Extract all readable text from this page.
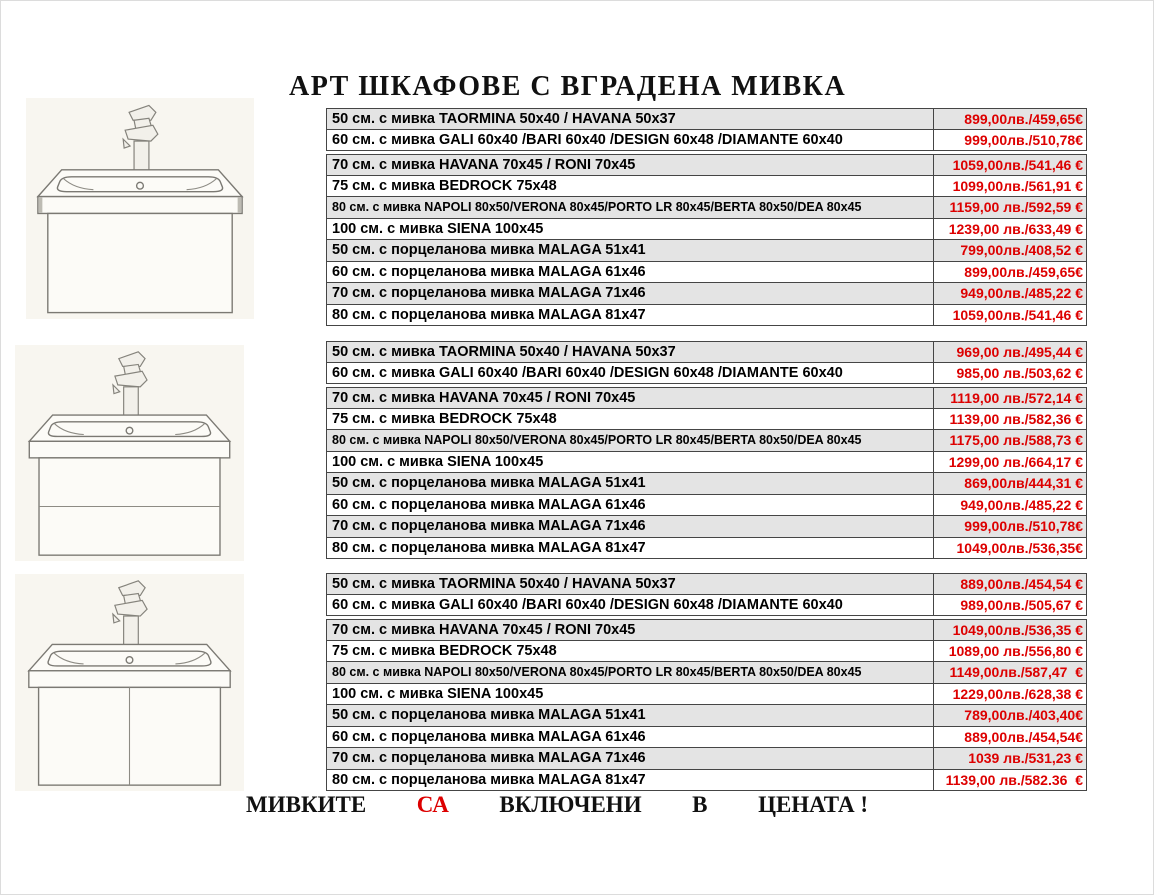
АРТ ШКАФОВЕ С ВГРАДЕНА МИВКА
50 см. с мивка TAORMINA 50x40 / HAVANA 50x37	899,00лв./459,65€
60 см. с мивка GALI 60x40 /BARI 60x40 /DESIGN 60x48 /DIAMANTE 60x40	999,00лв./510,78€
70 см. с мивка HAVANA 70x45 / RONI 70x45	1059,00лв./541,46 €
75 см. с мивка BEDROCK 75x48	1099,00лв./561,91 €
80 см. с мивка NAPOLI 80x50/VERONA 80x45/PORTO LR 80x45/BERTA 80x50/DEA 80x45	1159,00 лв./592,59 €
100 см. с мивка SIENA 100x45	1239,00 лв./633,49 €
50 см. с порцеланова мивка MALAGA 51x41	799,00лв./408,52 €
60 см. с порцеланова мивка MALAGA 61x46	899,00лв./459,65€
70 см. с порцеланова мивка MALAGA 71x46	949,00лв./485,22 €
80 см. с порцеланова мивка MALAGA 81x47	1059,00лв./541,46 €
50 см. с мивка TAORMINA 50x40 / HAVANA 50x37	969,00 лв./495,44 €
60 см. с мивка GALI 60x40 /BARI 60x40 /DESIGN 60x48 /DIAMANTE 60x40	985,00 лв./503,62 €
70 см. с мивка HAVANA 70x45 / RONI 70x45	1119,00 лв./572,14 €
75 см. с мивка BEDROCK 75x48	1139,00 лв./582,36 €
80 см. с мивка NAPOLI 80x50/VERONA 80x45/PORTO LR 80x45/BERTA 80x50/DEA 80x45	1175,00 лв./588,73 €
100 см. с мивка SIENA 100x45	1299,00 лв./664,17 €
50 см. с порцеланова мивка MALAGA 51x41	869,00лв/444,31 €
60 см. с порцеланова мивка MALAGA 61x46	949,00лв./485,22 €
70 см. с порцеланова мивка MALAGA 71x46	999,00лв./510,78€
80 см. с порцеланова мивка MALAGA 81x47	1049,00лв./536,35€
50 см. с мивка TAORMINA 50x40 / HAVANA 50x37	889,00лв./454,54 €
60 см. с мивка GALI 60x40 /BARI 60x40 /DESIGN 60x48 /DIAMANTE 60x40	989,00лв./505,67 €
70 см. с мивка HAVANA 70x45 / RONI 70x45	1049,00лв./536,35 €
75 см. с мивка BEDROCK 75x48	1089,00 лв./556,80 €
80 см. с мивка NAPOLI 80x50/VERONA 80x45/PORTO LR 80x45/BERTA 80x50/DEA 80x45	1149,00лв./587,47  €
100 см. с мивка SIENA 100x45	1229,00лв./628,38 €
50 см. с порцеланова мивка MALAGA 51x41	789,00лв./403,40€
60 см. с порцеланова мивка MALAGA 61x46	889,00лв./454,54€
70 см. с порцеланова мивка MALAGA 71x46	1039 лв./531,23 €
80 см. с порцеланова мивка MALAGA 81x47	1139,00 лв./582.36  €
МИВКИТЕ СА ВКЛЮЧЕНИ В ЦЕНАТА !
